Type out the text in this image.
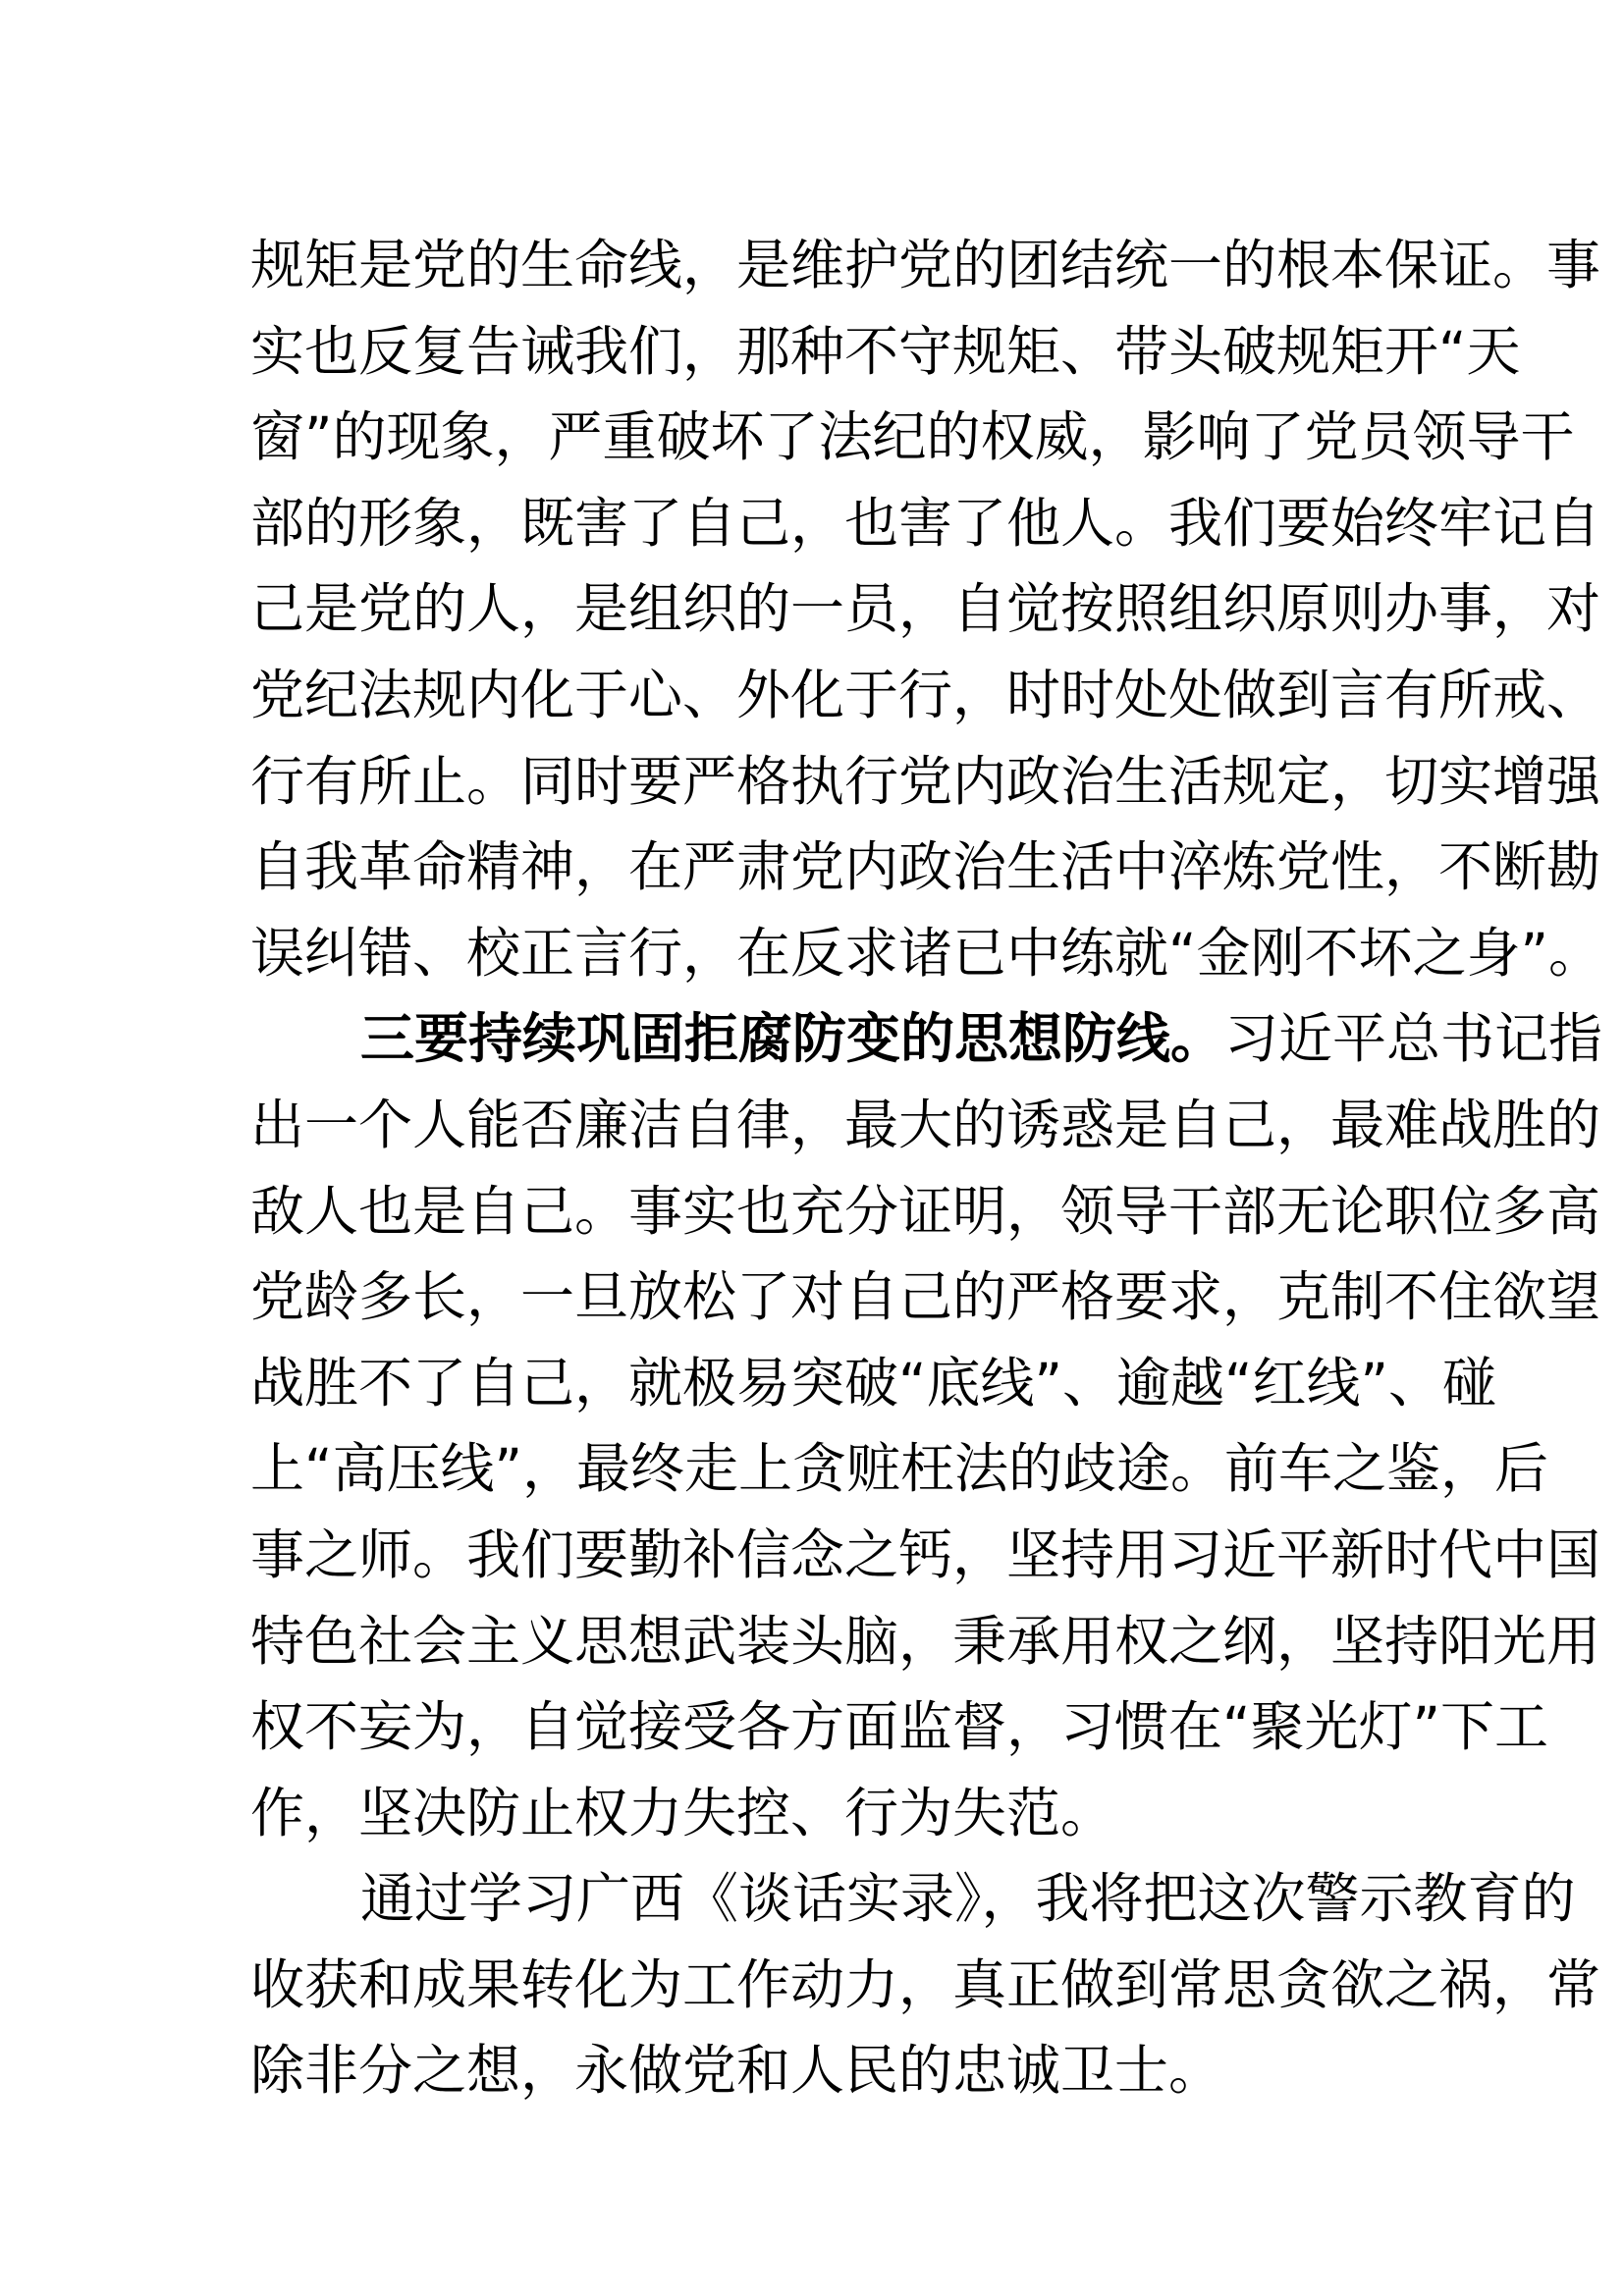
规矩是党的生命线，是维护党的团结统一的根本保证。事
实也反复告诫我们，那种不守规矩、带头破规矩开“天
窗”的现象，严重破坏了法纪的权威，影响了党员领导干
部的形象，既害了自己，也害了他人。我们要始终牢记自
己是党的人，是组织的一员，自觉按照组织原则办事，对
党纪法规内化于心、外化于行，时时处处做到言有所戒、
行有所止。同时要严格执行党内政治生活规定，切实增强
自我革命精神，在严肃党内政治生活中淬炼党性，不断勘
误纠错、校正言行，在反求诸已中练就“金刚不坏之身”。
三要持续巩固拒腐防变的思想防线。习近平总书记指
出一个人能否廉洁自律，最大的诱惑是自己，最难战胜的
敌人也是自己。事实也充分证明，领导干部无论职位多高
党龄多长，一旦放松了对自己的严格要求，克制不住欲望
战胜不了自己，就极易突破“底线”、逾越“红线”、碰
上“高压线”，最终走上贪赃枉法的歧途。前车之鉴，后
事之师。我们要勤补信念之钙，坚持用习近平新时代中国
特色社会主义思想武装头脑，秉承用权之纲，坚持阳光用
权不妄为，自觉接受各方面监督，习惯在“聚光灯”下工
作，坚决防止权力失控、行为失范。
通过学习广西《谈话实录》，我将把这次警示教育的
收获和成果转化为工作动力，真正做到常思贪欲之祸，常
除非分之想，永做党和人民的忠诚卫士。
